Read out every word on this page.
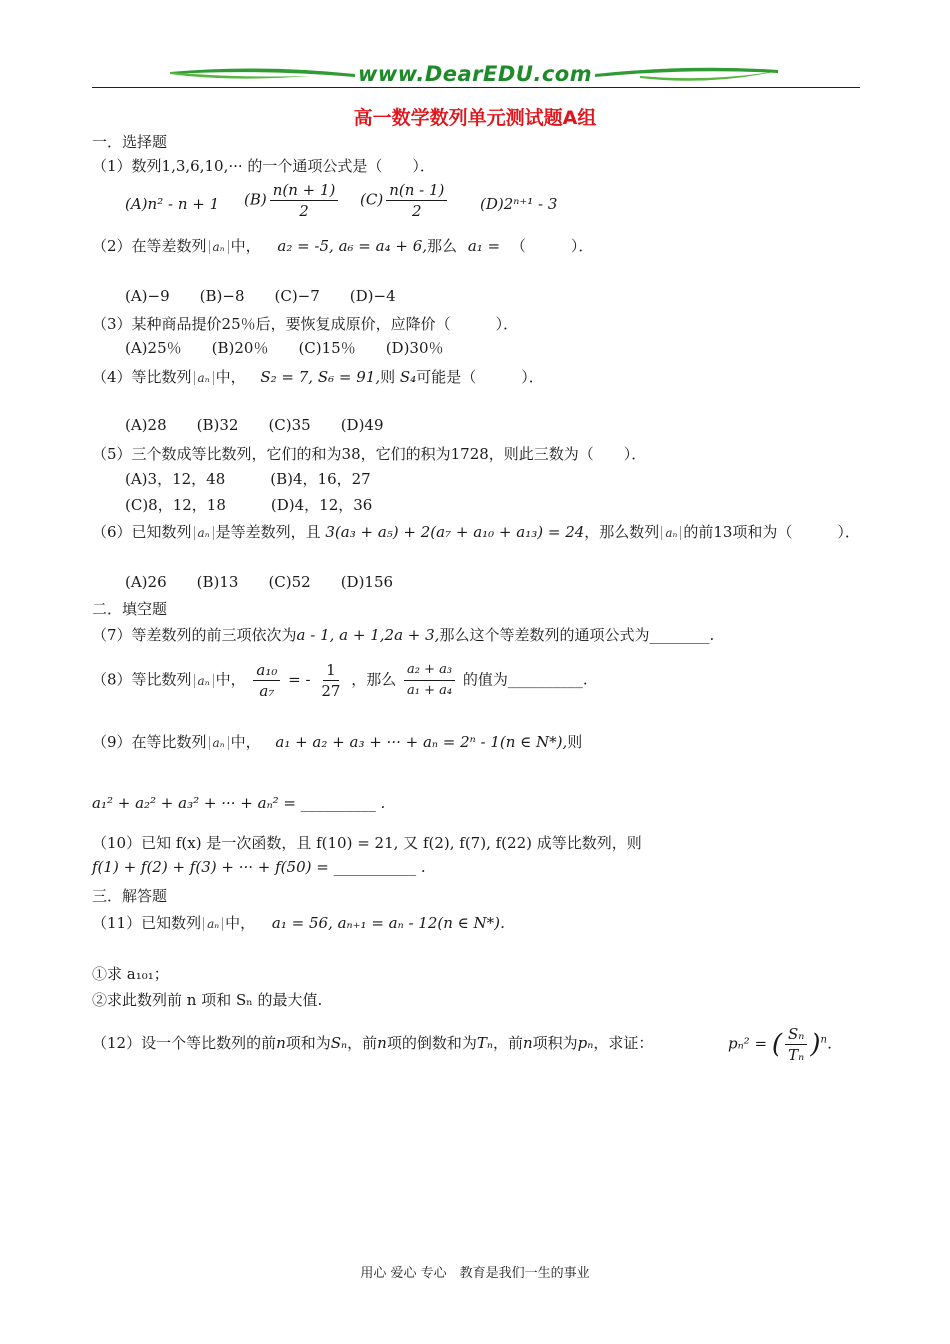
www.DearEDU.com
高一数学数列单元测试题A组
一．选择题
（1）数列1,3,6,10,··· 的一个通项公式是（　　）．
(A)n² - n + 1 $(B) \frac{n(n + 1)}{2} (C) \frac{n(n - 1)}{2} (D)2^{n+1} - 3$
（2）在等差数列 aₙ 中， a₂ = -5, a₆ = a₄ + 6,那么 a₁ = （　　　）．
(A)−9　　(B)−8　　(C)−7　　(D)−4
（3）某种商品提价25％后，要恢复成原价，应降价（　　　）．
(A)25％　　(B)20％　　(C)15％　　(D)30％
（4）等比数列 aₙ 中， S₂ = 7, S₆ = 91,则 S₄可能是（　　　）．
(A)28　　(B)32　　(C)35　　(D)49
（5）三个数成等比数列，它们的和为38，它们的积为1728，则此三数为（　　）．
(A)3，12，48　　　(B)4，16，27
(C)8，12，18　　　(D)4，12，36
（6）已知数列 aₙ 是等差数列，且 3(a₃ + a₅) + 2(a₇ + a₁₀ + a₁₃) = 24，那么数列 aₙ 的前13项和为（　　　）．
(A)26　　(B)13　　(C)52　　(D)156
二．填空题
（7）等差数列的前三项依次为a - 1, a + 1,2a + 3,那么这个等差数列的通项公式为________.
（8）等比数列 aₙ 中， $\frac{\text{a₁₀}}{\text{a₇}}$ = - $\frac{1}{27}$ ，那么 $\frac{\text{a₂ + a₃}}{\text{a₁ + a₄}}$ 的值为__________.
（9）在等比数列 aₙ 中， a₁ + a₂ + a₃ + ··· + aₙ = 2ⁿ - 1(n ∈ N*),则
a₁² + a₂² + a₃² + ··· + aₙ² = __________ .
（10）已知 f(x) 是一次函数，且 f(10) = 21, 又 f(2), f(7), f(22) 成等比数列，则
f(1) + f(2) + f(3) + ··· + f(50) = ___________ .
三．解答题
（11）已知数列 aₙ 中， a₁ = 56, aₙ₊₁ = aₙ - 12(n ∈ N*)．
①求 a₁₀₁；
②求此数列前 n 项和 Sₙ 的最大值.
（12）设一个等比数列的前n项和为Sₙ，前n项的倒数和为Tₙ，前n项积为pₙ，求证：	pₙ² = ( $\frac{\text{Sₙ}}{\text{Tₙ}} )^n$．
用心 爱心 专心　教育是我们一生的事业
